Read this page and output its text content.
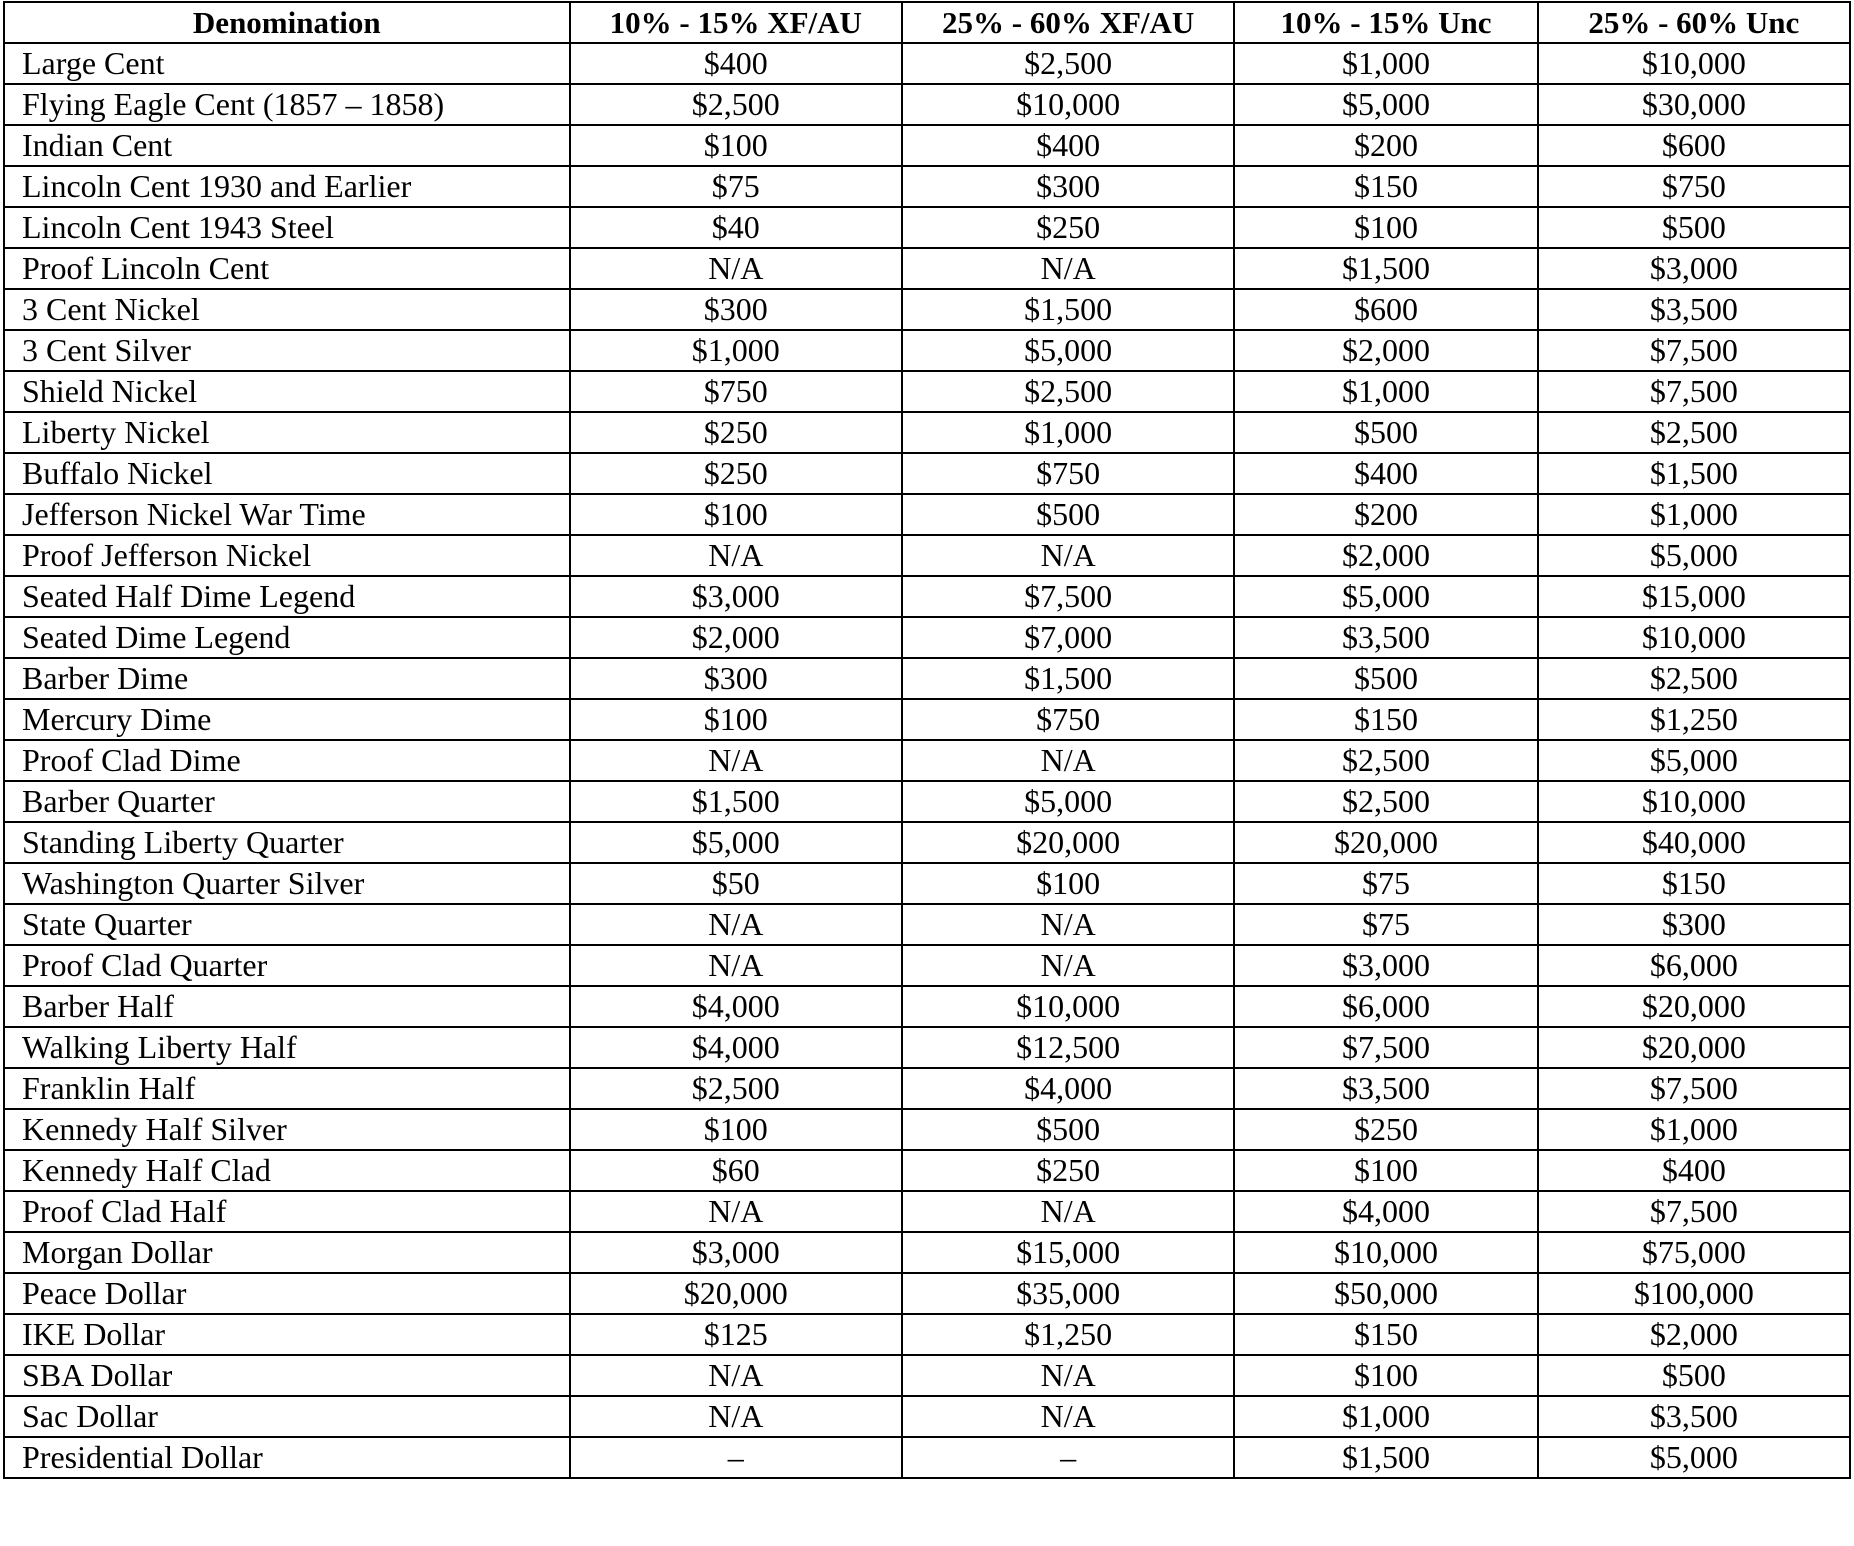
Denomination	10% - 15% XF/AU	25% - 60% XF/AU	10% - 15% Unc	25% - 60% Unc
Large Cent	$400	$2,500	$1,000	$10,000
Flying Eagle Cent (1857 – 1858)	$2,500	$10,000	$5,000	$30,000
Indian Cent	$100	$400	$200	$600
Lincoln Cent 1930 and Earlier	$75	$300	$150	$750
Lincoln Cent 1943 Steel	$40	$250	$100	$500
Proof Lincoln Cent	N/A	N/A	$1,500	$3,000
3 Cent Nickel	$300	$1,500	$600	$3,500
3 Cent Silver	$1,000	$5,000	$2,000	$7,500
Shield Nickel	$750	$2,500	$1,000	$7,500
Liberty Nickel	$250	$1,000	$500	$2,500
Buffalo Nickel	$250	$750	$400	$1,500
Jefferson Nickel War Time	$100	$500	$200	$1,000
Proof Jefferson Nickel	N/A	N/A	$2,000	$5,000
Seated Half Dime Legend	$3,000	$7,500	$5,000	$15,000
Seated Dime Legend	$2,000	$7,000	$3,500	$10,000
Barber Dime	$300	$1,500	$500	$2,500
Mercury Dime	$100	$750	$150	$1,250
Proof Clad Dime	N/A	N/A	$2,500	$5,000
Barber Quarter	$1,500	$5,000	$2,500	$10,000
Standing Liberty Quarter	$5,000	$20,000	$20,000	$40,000
Washington Quarter Silver	$50	$100	$75	$150
State Quarter	N/A	N/A	$75	$300
Proof Clad Quarter	N/A	N/A	$3,000	$6,000
Barber Half	$4,000	$10,000	$6,000	$20,000
Walking Liberty Half	$4,000	$12,500	$7,500	$20,000
Franklin Half	$2,500	$4,000	$3,500	$7,500
Kennedy Half Silver	$100	$500	$250	$1,000
Kennedy Half Clad	$60	$250	$100	$400
Proof Clad Half	N/A	N/A	$4,000	$7,500
Morgan Dollar	$3,000	$15,000	$10,000	$75,000
Peace Dollar	$20,000	$35,000	$50,000	$100,000
IKE Dollar	$125	$1,250	$150	$2,000
SBA Dollar	N/A	N/A	$100	$500
Sac Dollar	N/A	N/A	$1,000	$3,500
Presidential Dollar	–	–	$1,500	$5,000
